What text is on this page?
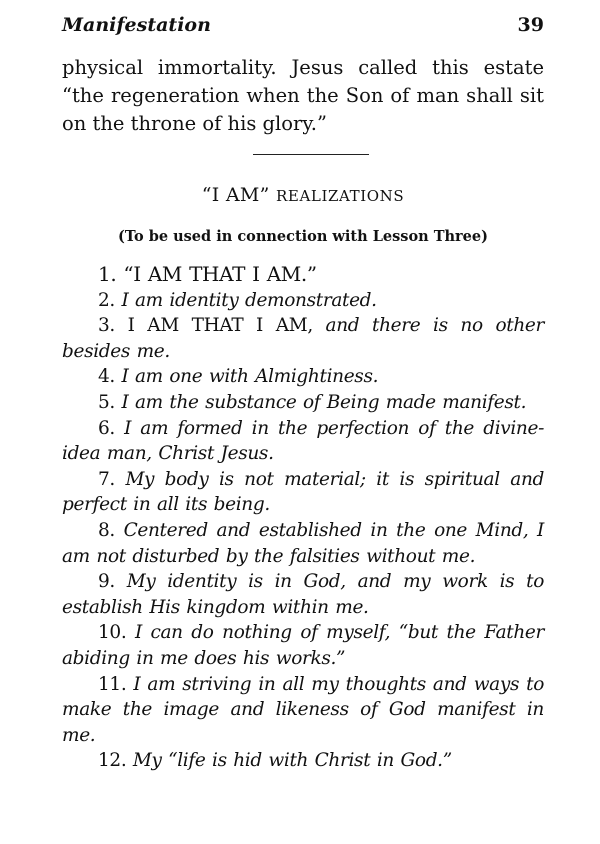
Manifestation	39

physical immortality. Jesus called this estate “the regeneration when the Son of man shall sit on the throne of his glory.”

“I AM” REALIZATIONS
(To be used in connection with Lesson Three)
1. “I AM THAT I AM.”
2. I am identity demonstrated.
3. I AM THAT I AM, and there is no other besides me.
4. I am one with Almightiness.
5. I am the substance of Being made manifest.
6. I am formed in the perfection of the divine-idea man, Christ Jesus.
7. My body is not material; it is spiritual and perfect in all its being.
8. Centered and established in the one Mind, I am not disturbed by the falsities without me.
9. My identity is in God, and my work is to establish His kingdom within me.
10. I can do nothing of myself, “but the Father abiding in me does his works.”
11. I am striving in all my thoughts and ways to make the image and likeness of God manifest in me.
12. My “life is hid with Christ in God.”
